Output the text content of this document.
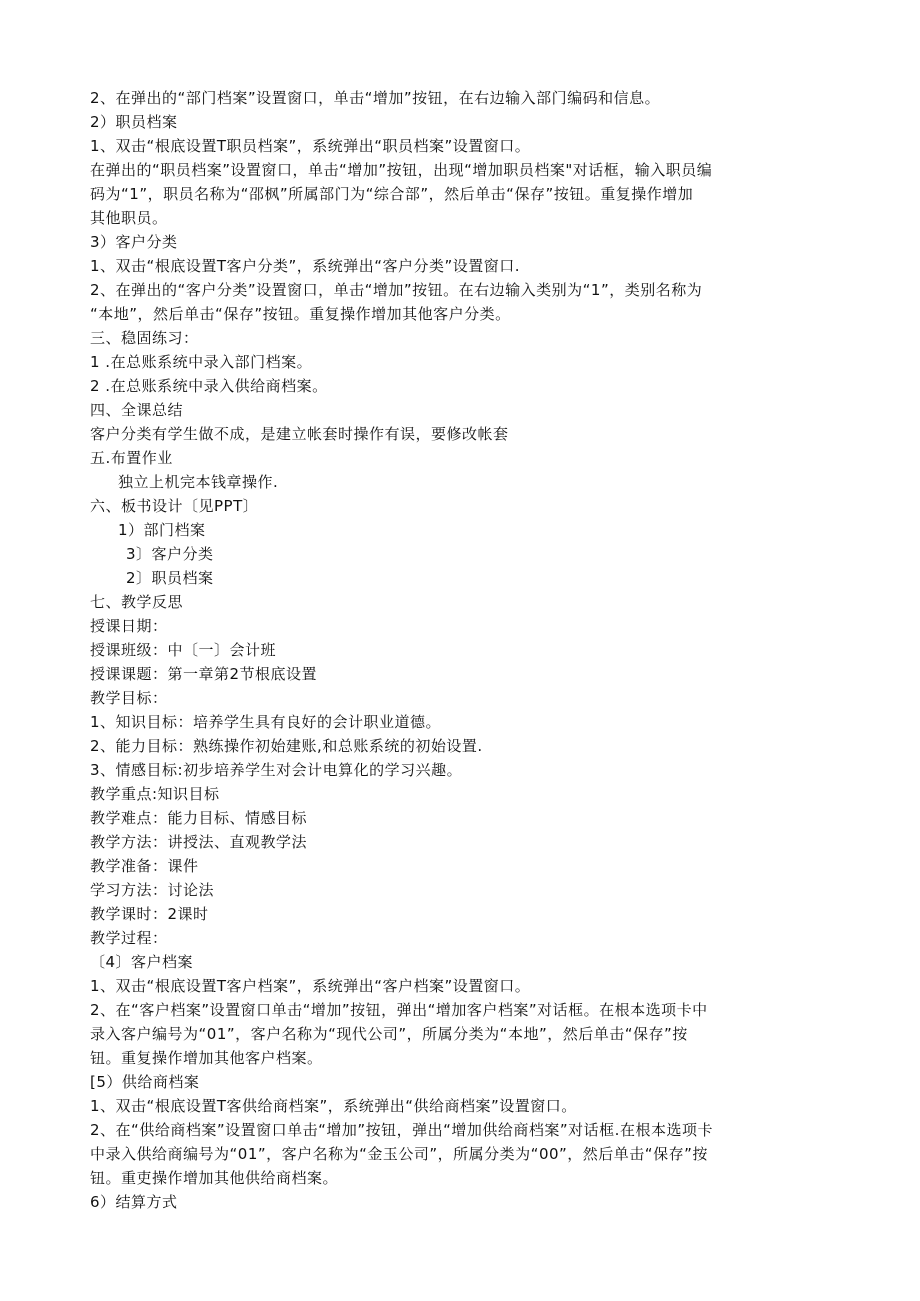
2、在弹出的“部门档案”设置窗口，单击“增加”按钮，在右边输入部门编码和信息。
2）职员档案
1、双击“根底设置T职员档案”，系统弹出“职员档案”设置窗口。
在弹出的“职员档案”设置窗口，单击“增加”按钮，出现“增加职员档案"对话框，输入职员编
码为“1”，职员名称为“邵枫”所属部门为“综合部”，然后单击“保存”按钮。重复操作增加
其他职员。
3）客户分类
1、双击“根底设置T客户分类”，系统弹出“客户分类”设置窗口.
2、在弹出的“客户分类”设置窗口，单击“增加”按钮。在右边输入类别为“1”，类别名称为
“本地”，然后单击“保存”按钮。重复操作增加其他客户分类。
三、稳固练习：
1 .在总账系统中录入部门档案。
2 .在总账系统中录入供给商档案。
四、全课总结
客户分类有学生做不成，是建立帐套时操作有误，要修改帐套
五.布置作业
独立上机完本钱章操作.
六、板书设计〔见PPT〕
1）部门档案
3〕客户分类
2〕职员档案
七、教学反思
授课日期：
授课班级：中〔一〕会计班
授课课题：第一章第2节根底设置
教学目标：
1、知识目标：培养学生具有良好的会计职业道德。
2、能力目标：熟练操作初始建账,和总账系统的初始设置.
3、情感目标:初步培养学生对会计电算化的学习兴趣。
教学重点:知识目标
教学难点：能力目标、情感目标
教学方法：讲授法、直观教学法
教学准备：课件
学习方法：讨论法
教学课时：2课时
教学过程：
〔4〕客户档案
1、双击“根底设置T客户档案”，系统弹出“客户档案”设置窗口。
2、在“客户档案”设置窗口单击“增加”按钮，弹出“增加客户档案”对话框。在根本选项卡中
录入客户编号为“01”，客户名称为“现代公司”，所属分类为“本地”，然后单击“保存”按
钮。重复操作增加其他客户档案。
[5）供给商档案
1、双击“根底设置T客供给商档案”，系统弹出“供给商档案”设置窗口。
2、在“供给商档案”设置窗口单击“增加”按钮，弹出“增加供给商档案”对话框.在根本选项卡
中录入供给商编号为“01”，客户名称为“金玉公司”，所属分类为“00”，然后单击“保存”按
钮。重吏操作增加其他供给商档案。
6）结算方式
